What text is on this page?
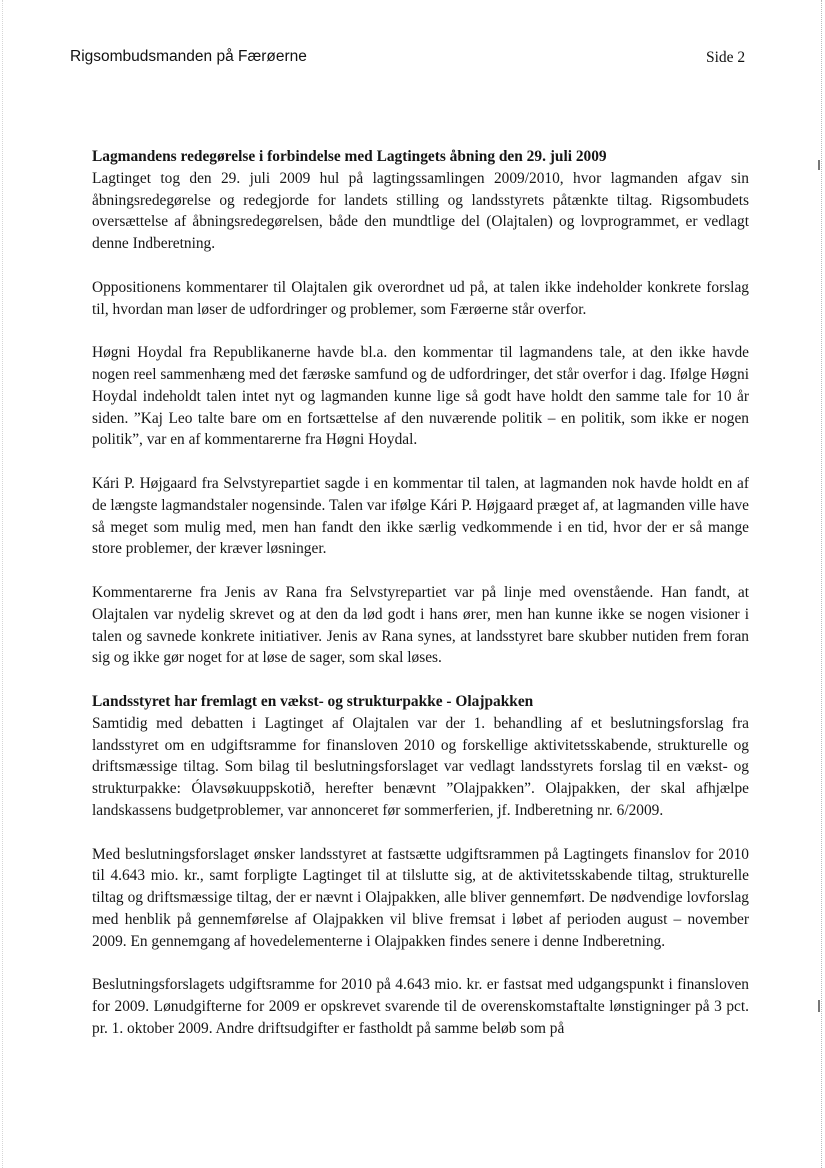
Rigsombudsmanden på Færøerne	Side 2
Lagmandens redegørelse i forbindelse med Lagtingets åbning den 29. juli 2009

Lagtinget tog den 29. juli 2009 hul på lagtingssamlingen 2009/2010, hvor lagmanden afgav sin åbningsredegørelse og redegjorde for landets stilling og landsstyrets påtænkte tiltag. Rigsombudets oversættelse af åbningsredegørelsen, både den mundtlige del (Olajtalen) og lovprogrammet, er vedlagt denne Indberetning.

Oppositionens kommentarer til Olajtalen gik overordnet ud på, at talen ikke indeholder konkrete forslag til, hvordan man løser de udfordringer og problemer, som Færøerne står overfor.

Høgni Hoydal fra Republikanerne havde bl.a. den kommentar til lagmandens tale, at den ikke havde nogen reel sammenhæng med det færøske samfund og de udfordringer, det står overfor i dag. Ifølge Høgni Hoydal indeholdt talen intet nyt og lagmanden kunne lige så godt have holdt den samme tale for 10 år siden. ”Kaj Leo talte bare om en fortsættelse af den nuværende politik – en politik, som ikke er nogen politik”, var en af kommentarerne fra Høgni Hoydal.

Kári P. Højgaard fra Selvstyrepartiet sagde i en kommentar til talen, at lagmanden nok havde holdt en af de længste lagmandstaler nogensinde. Talen var ifølge Kári P. Højgaard præget af, at lagmanden ville have så meget som mulig med, men han fandt den ikke særlig vedkommende i en tid, hvor der er så mange store problemer, der kræver løsninger.

Kommentarerne fra Jenis av Rana fra Selvstyrepartiet var på linje med ovenstående. Han fandt, at Olajtalen var nydelig skrevet og at den da lød godt i hans ører, men han kunne ikke se nogen visioner i talen og savnede konkrete initiativer. Jenis av Rana synes, at landsstyret bare skubber nutiden frem foran sig og ikke gør noget for at løse de sager, som skal løses.

Landsstyret har fremlagt en vækst- og strukturpakke - Olajpakken

Samtidig med debatten i Lagtinget af Olajtalen var der 1. behandling af et beslutningsforslag fra landsstyret om en udgiftsramme for finansloven 2010 og forskellige aktivitetsskabende, strukturelle og driftsmæssige tiltag. Som bilag til beslutningsforslaget var vedlagt landsstyrets forslag til en vækst- og strukturpakke: Ólavsøkuuppskotið, herefter benævnt ”Olajpakken”. Olajpakken, der skal afhjælpe landskassens budgetproblemer, var annonceret før sommerferien, jf. Indberetning nr. 6/2009.

Med beslutningsforslaget ønsker landsstyret at fastsætte udgiftsrammen på Lagtingets finanslov for 2010 til 4.643 mio. kr., samt forpligte Lagtinget til at tilslutte sig, at de aktivitetsskabende tiltag, strukturelle tiltag og driftsmæssige tiltag, der er nævnt i Olajpakken, alle bliver gennemført. De nødvendige lovforslag med henblik på gennemførelse af Olajpakken vil blive fremsat i løbet af perioden august – november 2009. En gennemgang af hovedelementerne i Olajpakken findes senere i denne Indberetning.

Beslutningsforslagets udgiftsramme for 2010 på 4.643 mio. kr. er fastsat med udgangspunkt i finansloven for 2009. Lønudgifterne for 2009 er opskrevet svarende til de overenskomstaftalte lønstigninger på 3 pct. pr. 1. oktober 2009. Andre driftsudgifter er fastholdt på samme beløb som på
